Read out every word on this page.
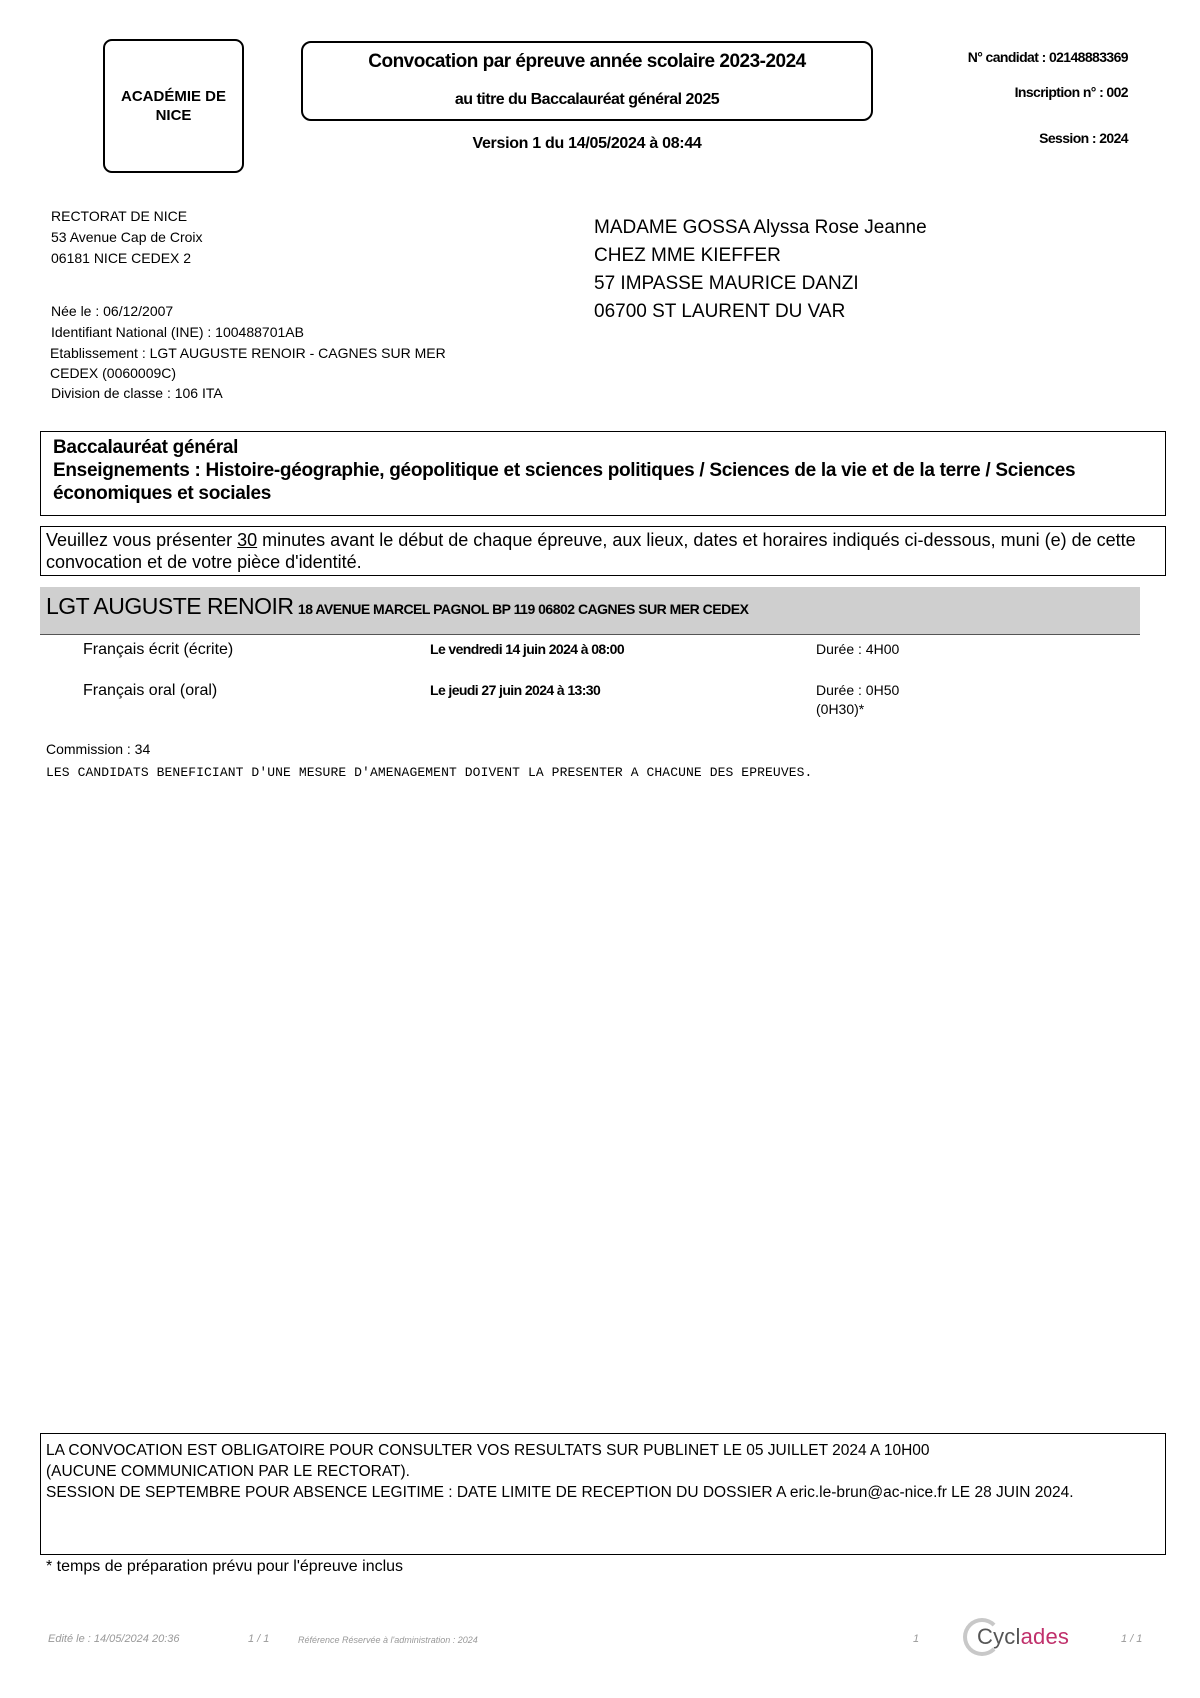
ACADÉMIE DE NICE
Convocation par épreuve année scolaire 2023-2024
au titre du Baccalauréat général 2025
Version 1 du 14/05/2024 à 08:44
N° candidat : 02148883369
Inscription n° : 002
Session : 2024
RECTORAT DE NICE
53 Avenue Cap de Croix
06181 NICE CEDEX 2
MADAME GOSSA Alyssa Rose Jeanne
CHEZ MME KIEFFER
57 IMPASSE MAURICE DANZI
06700 ST LAURENT DU VAR
Née le : 06/12/2007
Identifiant National (INE) : 100488701AB
Etablissement : LGT AUGUSTE RENOIR - CAGNES SUR MER
CEDEX (0060009C)
Division de classe : 106 ITA
Baccalauréat général
Enseignements : Histoire-géographie, géopolitique et sciences politiques / Sciences de la vie et de la terre / Sciences économiques et sociales
Veuillez vous présenter 30 minutes avant le début de chaque épreuve, aux lieux, dates et horaires indiqués ci-dessous, muni (e) de cette convocation et de votre pièce d'identité.
LGT AUGUSTE RENOIR 18 AVENUE MARCEL PAGNOL BP 119 06802 CAGNES SUR MER CEDEX
Français écrit (écrite)	Le vendredi 14 juin 2024 à 08:00	Durée : 4H00
Français oral (oral)	Le jeudi 27 juin 2024 à 13:30	Durée : 0H50
(0H30)*
Commission : 34
LES CANDIDATS BENEFICIANT D'UNE MESURE D'AMENAGEMENT DOIVENT LA PRESENTER A CHACUNE DES EPREUVES.
LA CONVOCATION EST OBLIGATOIRE POUR CONSULTER VOS RESULTATS SUR PUBLINET LE 05 JUILLET 2024 A 10H00
(AUCUNE COMMUNICATION PAR LE RECTORAT).
SESSION DE SEPTEMBRE POUR ABSENCE LEGITIME : DATE LIMITE DE RECEPTION DU DOSSIER A eric.le-brun@ac-nice.fr LE 28 JUIN 2024.
* temps de préparation prévu pour l'épreuve inclus
Edité le : 14/05/2024 20:36	1 / 1	Référence Réservée à l'administration : 2024	1	Cyclades	1 / 1
